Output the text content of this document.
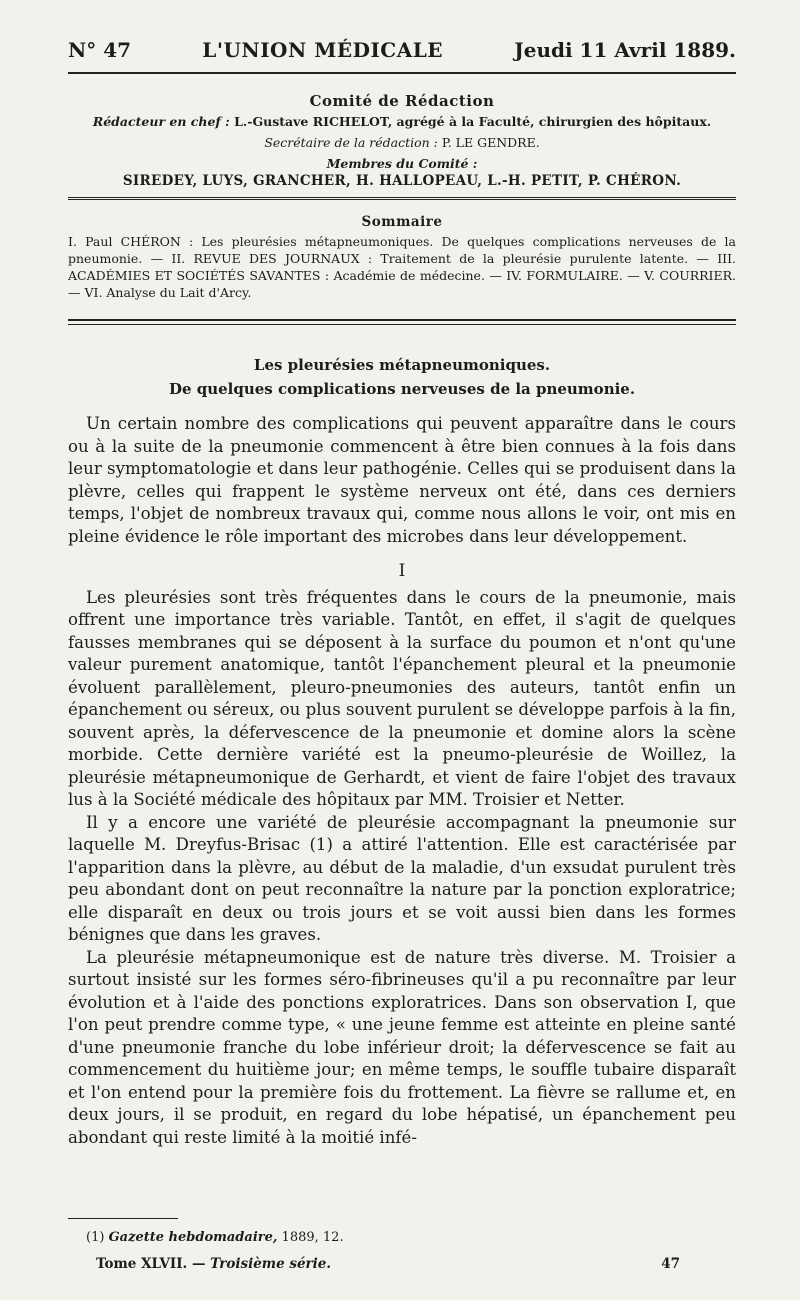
N° 47	L'UNION MÉDICALE	Jeudi 11 Avril 1889.
Comité de Rédaction
Rédacteur en chef : L.-Gustave RICHELOT, agrégé à la Faculté, chirurgien des hôpitaux.
Secrétaire de la rédaction : P. LE GENDRE.
Membres du Comité :
SIREDEY, LUYS, GRANCHER, H. HALLOPEAU, L.-H. PETIT, P. CHÉRON.
Sommaire
I. Paul CHÉRON : Les pleurésies métapneumoniques. De quelques complications nerveuses de la pneumonie. — II. REVUE DES JOURNAUX : Traitement de la pleurésie purulente latente. — III. ACADÉMIES ET SOCIÉTÉS SAVANTES : Académie de médecine. — IV. FORMULAIRE. — V. COURRIER. — VI. Analyse du Lait d'Arcy.
Les pleurésies métapneumoniques.
De quelques complications nerveuses de la pneumonie.

Un certain nombre des complications qui peuvent apparaître dans le cours ou à la suite de la pneumonie commencent à être bien connues à la fois dans leur symptomatologie et dans leur pathogénie. Celles qui se produisent dans la plèvre, celles qui frappent le système nerveux ont été, dans ces derniers temps, l'objet de nombreux travaux qui, comme nous allons le voir, ont mis en pleine évidence le rôle important des microbes dans leur développement.

I

Les pleurésies sont très fréquentes dans le cours de la pneumonie, mais offrent une importance très variable. Tantôt, en effet, il s'agit de quelques fausses membranes qui se déposent à la surface du poumon et n'ont qu'une valeur purement anatomique, tantôt l'épanchement pleural et la pneumonie évoluent parallèlement, pleuro-pneumonies des auteurs, tantôt enfin un épanchement ou séreux, ou plus souvent purulent se développe parfois à la fin, souvent après, la défervescence de la pneumonie et domine alors la scène morbide. Cette dernière variété est la pneumo-pleurésie de Woillez, la pleurésie métapneumonique de Gerhardt, et vient de faire l'objet des travaux lus à la Société médicale des hôpitaux par MM. Troisier et Netter.

Il y a encore une variété de pleurésie accompagnant la pneumonie sur laquelle M. Dreyfus-Brisac (1) a attiré l'attention. Elle est caractérisée par l'apparition dans la plèvre, au début de la maladie, d'un exsudat purulent très peu abondant dont on peut reconnaître la nature par la ponction exploratrice; elle disparaît en deux ou trois jours et se voit aussi bien dans les formes bénignes que dans les graves.

La pleurésie métapneumonique est de nature très diverse. M. Troisier a surtout insisté sur les formes séro-fibrineuses qu'il a pu reconnaître par leur évolution et à l'aide des ponctions exploratrices. Dans son observation I, que l'on peut prendre comme type, « une jeune femme est atteinte en pleine santé d'une pneumonie franche du lobe inférieur droit; la défervescence se fait au commencement du huitième jour; en même temps, le souffle tubaire disparaît et l'on entend pour la première fois du frottement. La fièvre se rallume et, en deux jours, il se produit, en regard du lobe hépatisé, un épanchement peu abondant qui reste limité à la moitié infé-

(1) Gazette hebdomadaire, 1889, 12.
Tome XLVII. — Troisième série.	47
